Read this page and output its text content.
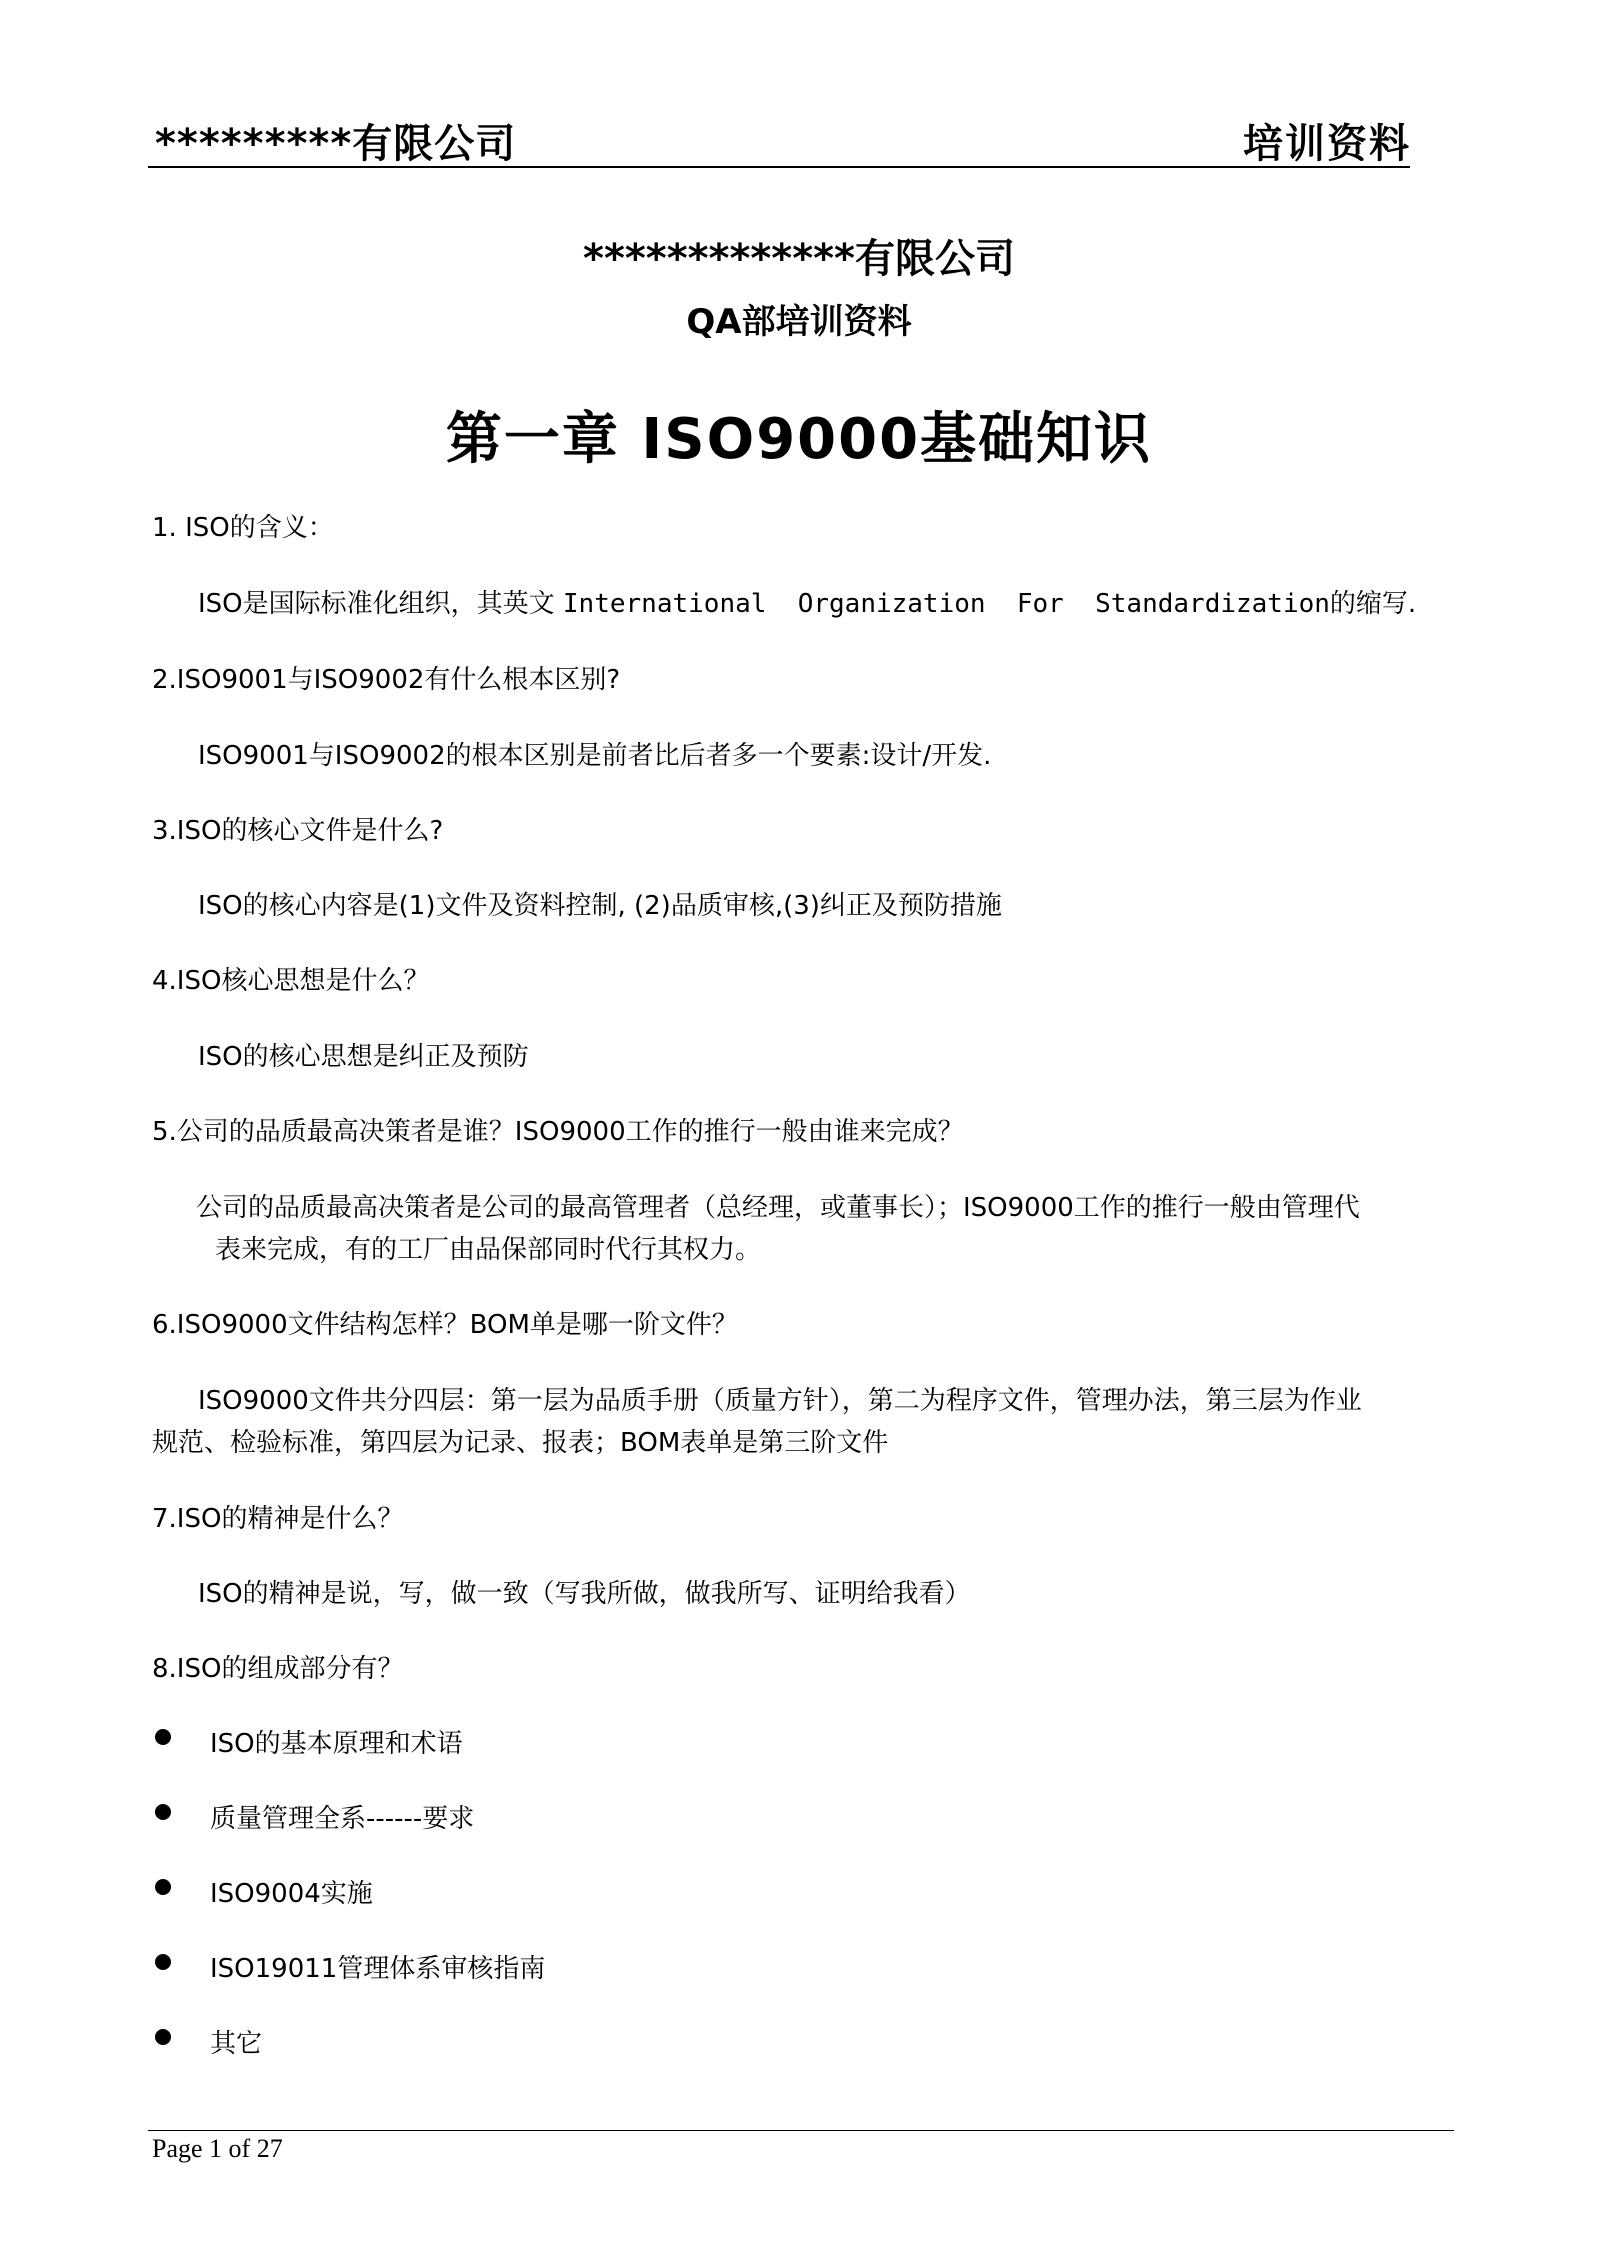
*********有限公司	培训资料
*************有限公司
QA部培训资料
第一章 ISO9000基础知识
1. ISO的含义：
ISO是国际标准化组织，其英文 International  Organization  For  Standardization的缩写.
2.ISO9001与ISO9002有什么根本区别?
ISO9001与ISO9002的根本区别是前者比后者多一个要素:设计/开发.
3.ISO的核心文件是什么?
ISO的核心内容是(1)文件及资料控制, (2)品质审核,(3)纠正及预防措施
4.ISO核心思想是什么？
ISO的核心思想是纠正及预防
5.公司的品质最高决策者是谁？ISO9000工作的推行一般由谁来完成？
公司的品质最高决策者是公司的最高管理者（总经理，或董事长）；ISO9000工作的推行一般由管理代
表来完成，有的工厂由品保部同时代行其权力。
6.ISO9000文件结构怎样？BOM单是哪一阶文件？
ISO9000文件共分四层：第一层为品质手册（质量方针），第二为程序文件，管理办法，第三层为作业
规范、检验标准，第四层为记录、报表；BOM表单是第三阶文件
7.ISO的精神是什么？
ISO的精神是说，写，做一致（写我所做，做我所写、证明给我看）
8.ISO的组成部分有？
ISO的基本原理和术语
质量管理全系------要求
ISO9004实施
ISO19011管理体系审核指南
其它
Page 1 of 27
